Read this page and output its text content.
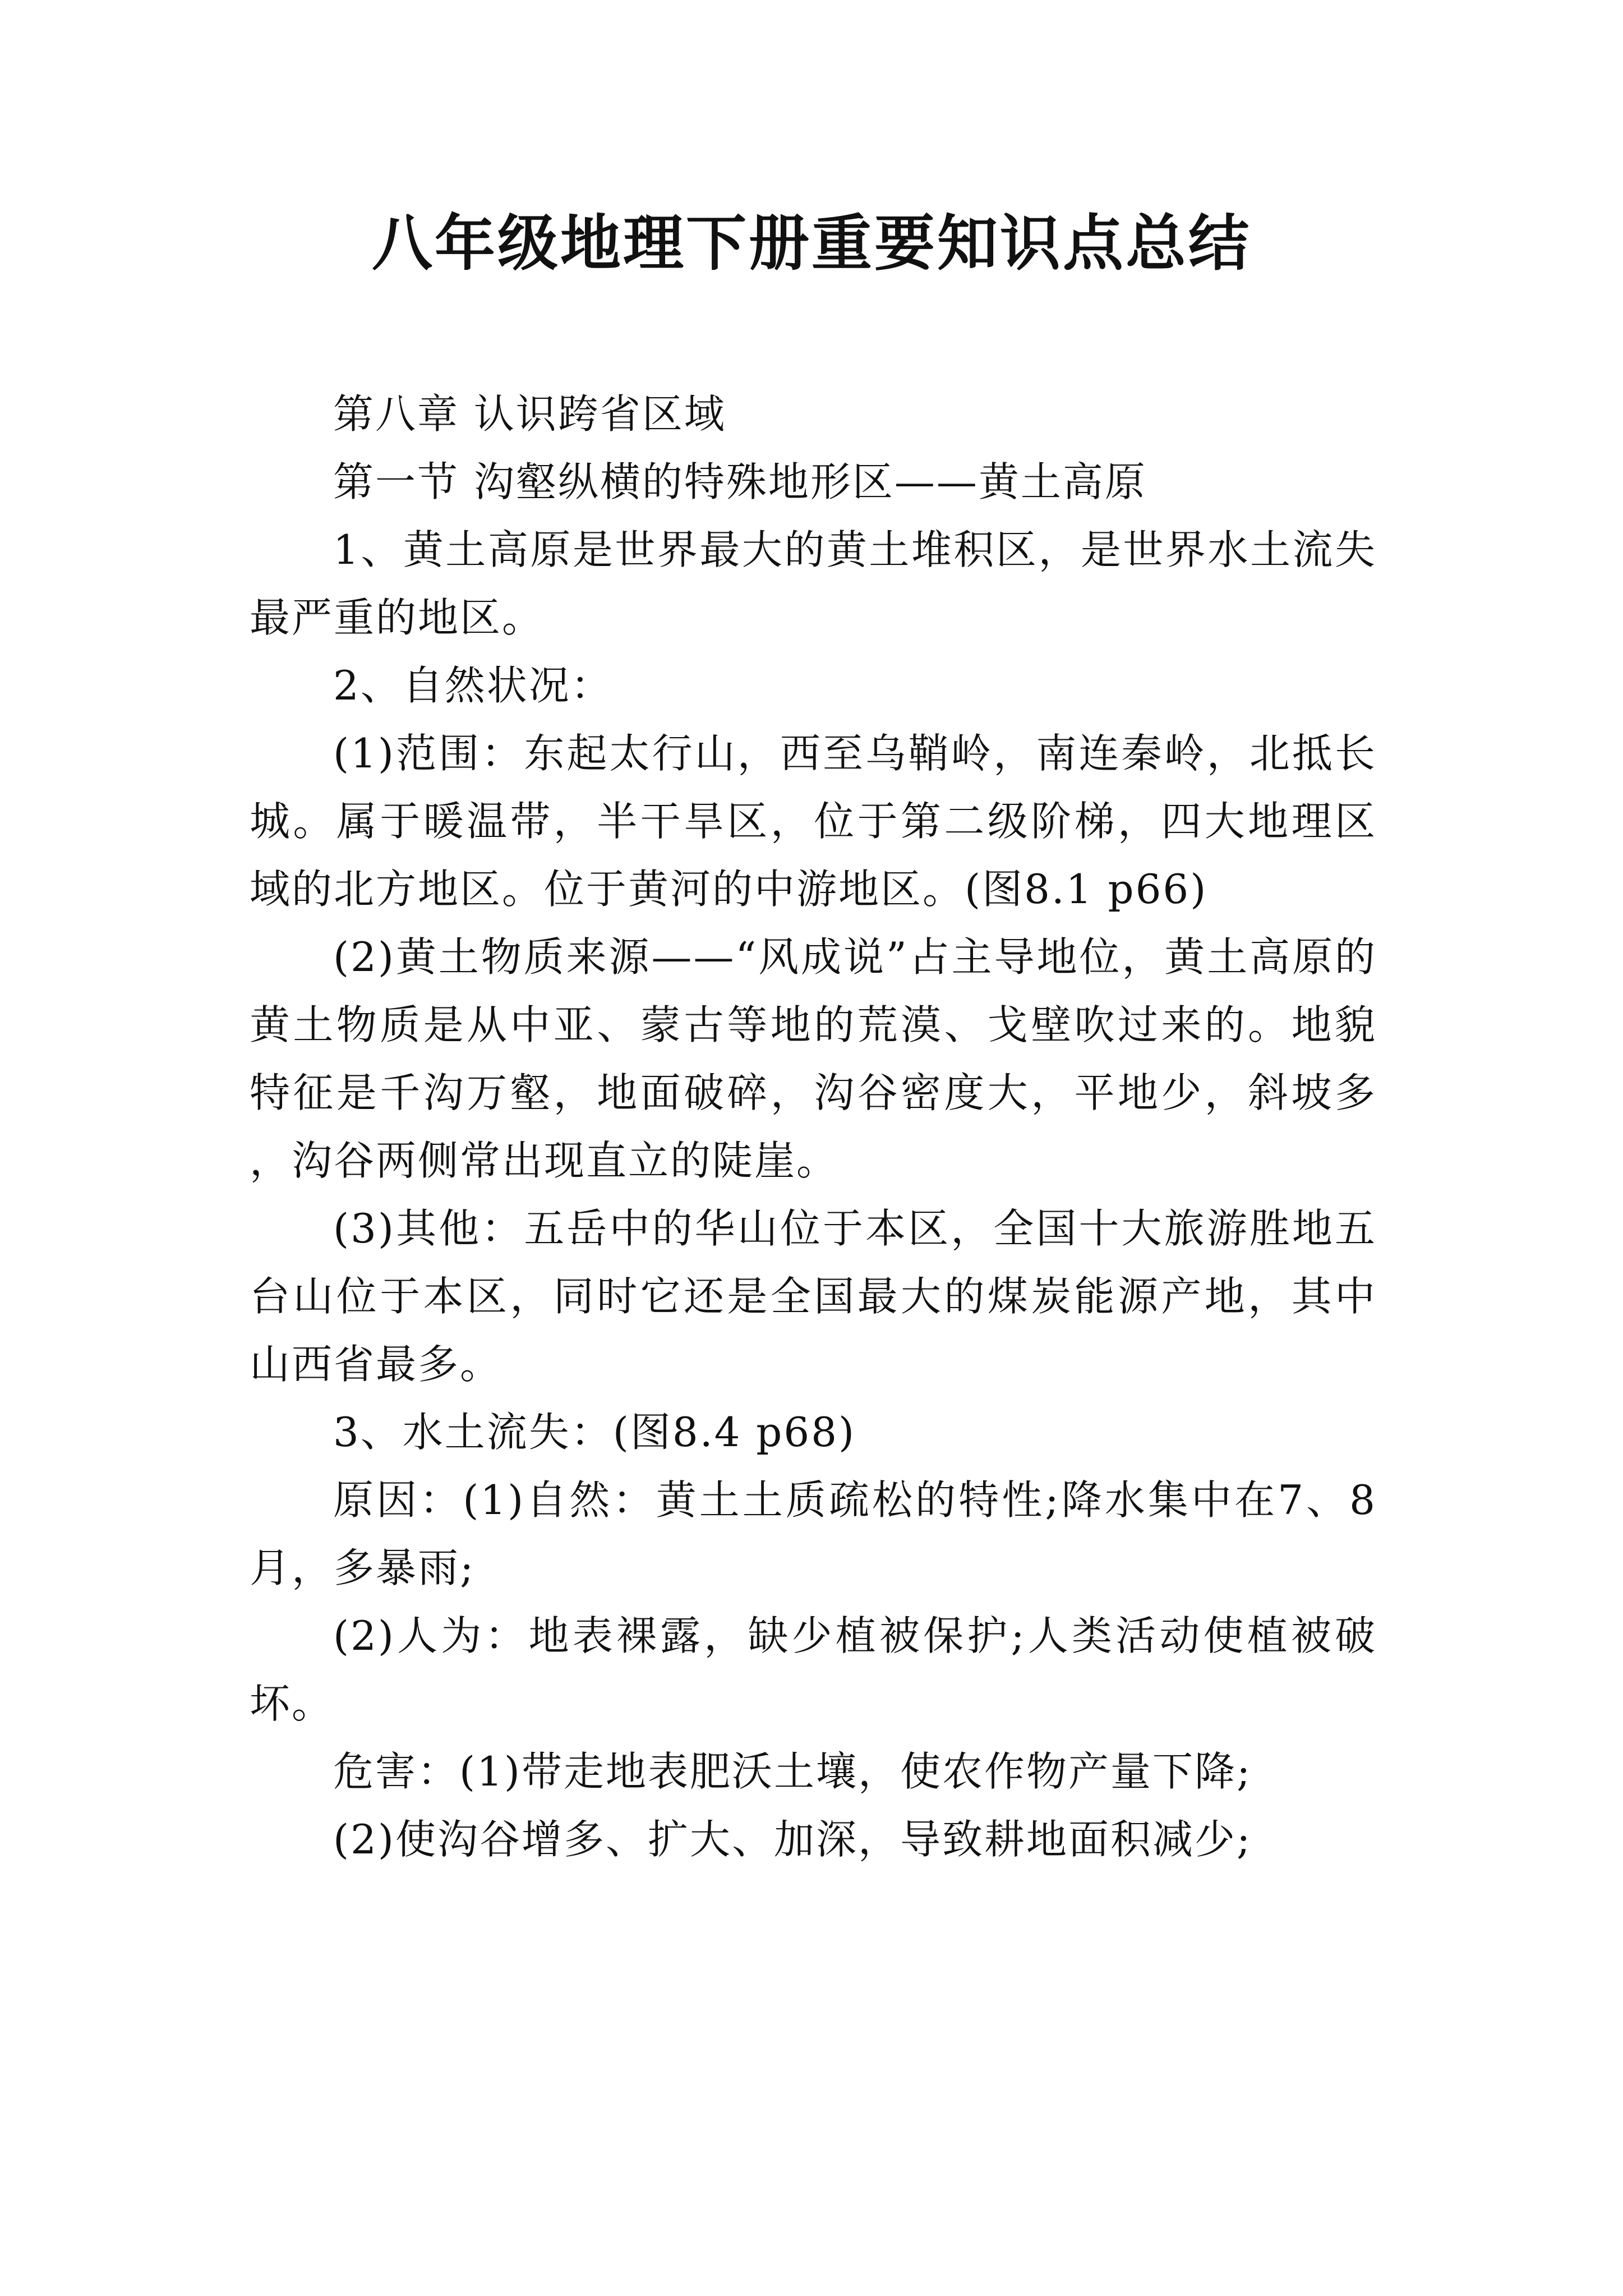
八年级地理下册重要知识点总结

第八章 认识跨省区域

第一节 沟壑纵横的特殊地形区——黄土高原

1、黄土高原是世界最大的黄土堆积区，是世界水土流失最严重的地区。

2、自然状况：

(1)范围：东起太行山，西至乌鞘岭，南连秦岭，北抵长城。属于暖温带，半干旱区，位于第二级阶梯，四大地理区域的北方地区。位于黄河的中游地区。(图8.1 p66)

(2)黄土物质来源——“风成说”占主导地位，黄土高原的黄土物质是从中亚、蒙古等地的荒漠、戈壁吹过来的。地貌特征是千沟万壑，地面破碎，沟谷密度大，平地少，斜坡多，沟谷两侧常出现直立的陡崖。

(3)其他：五岳中的华山位于本区，全国十大旅游胜地五台山位于本区，同时它还是全国最大的煤炭能源产地，其中山西省最多。

3、水土流失：(图8.4 p68)

原因：(1)自然：黄土土质疏松的特性;降水集中在7、8月，多暴雨;

(2)人为：地表裸露，缺少植被保护;人类活动使植被破坏。

危害：(1)带走地表肥沃土壤，使农作物产量下降;

(2)使沟谷增多、扩大、加深，导致耕地面积减少;
